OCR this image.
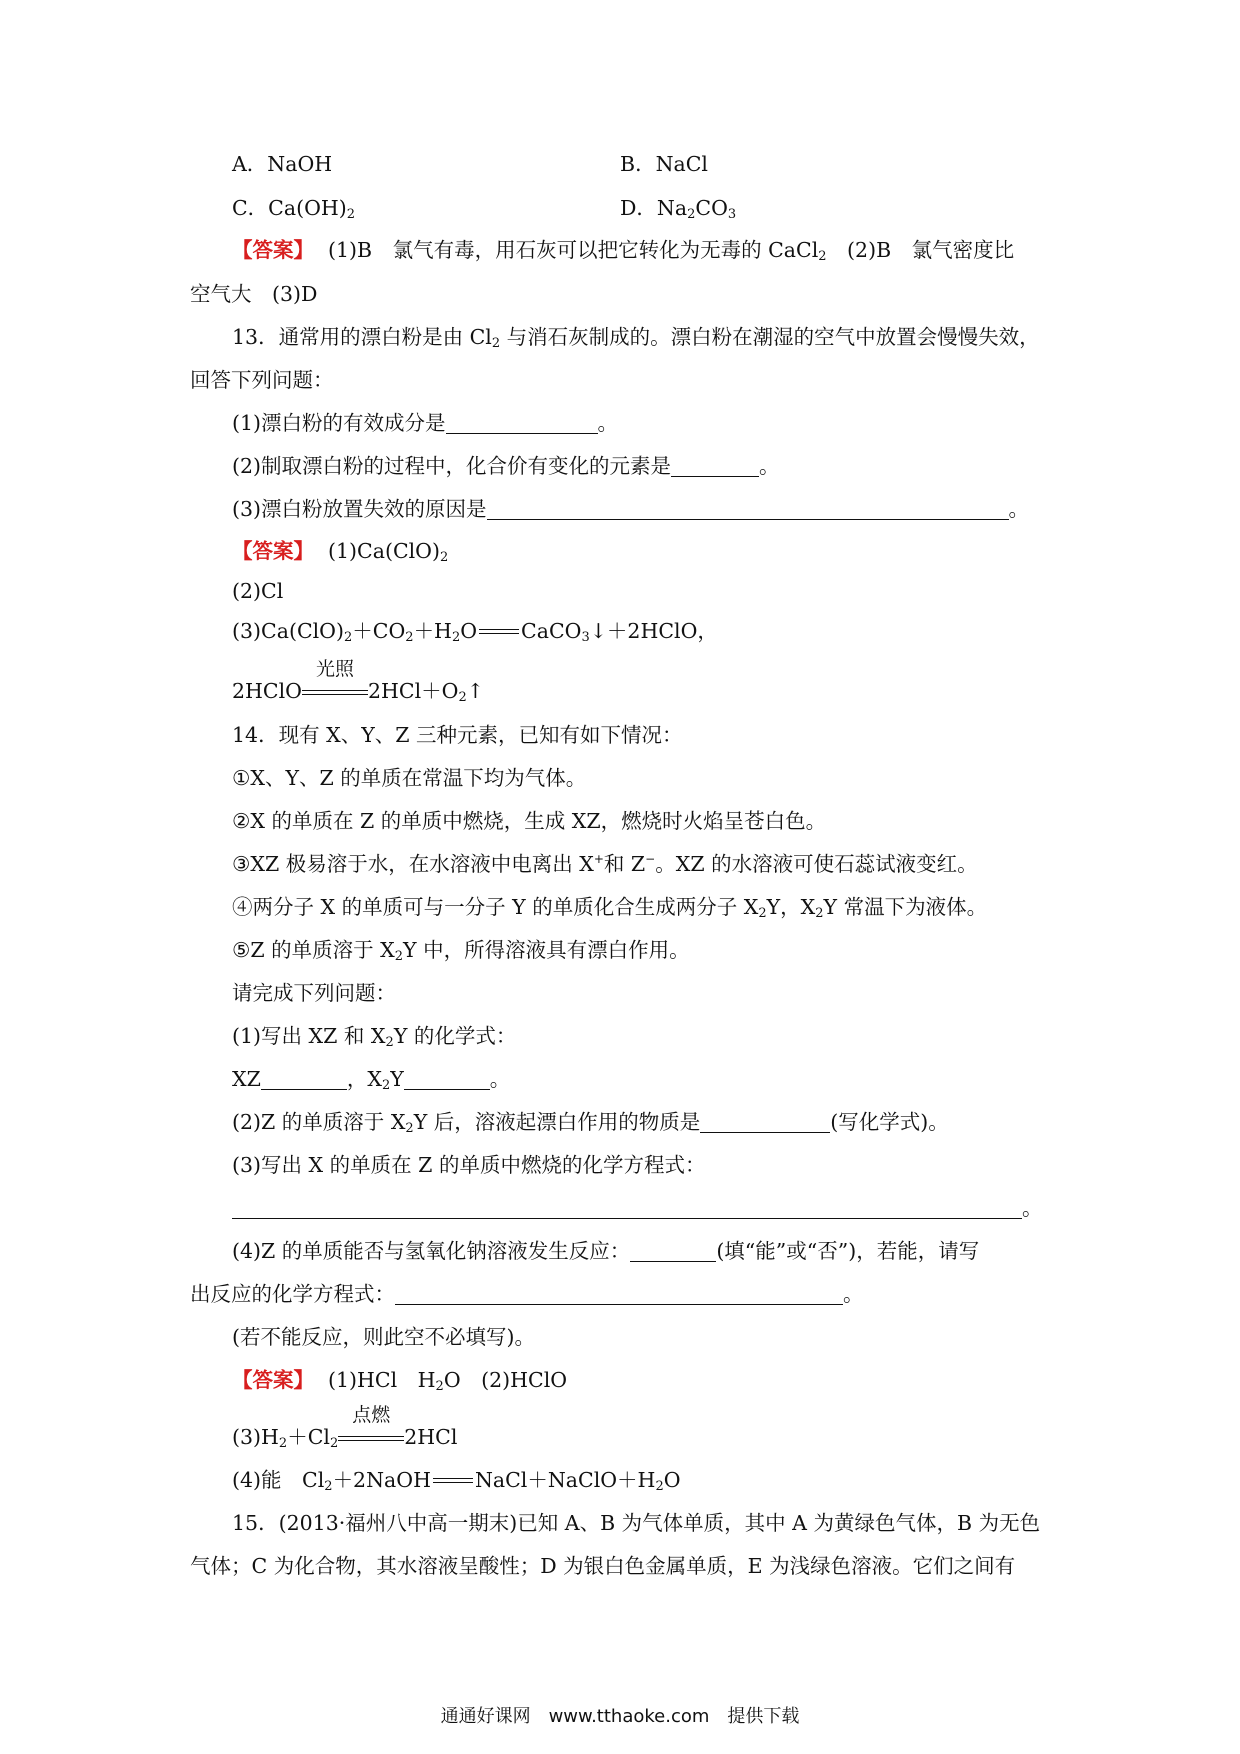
A．NaOH	B．NaCl
C．$Ca(OH)_2$	D．$Na_2CO_3$
【答案】 (1)B　氯气有毒，用石灰可以把它转化为无毒的 CaCl$_2$　(2)B　氯气密度比
空气大　(3)D
13．通常用的漂白粉是由 $Cl_2$ 与消石灰制成的。漂白粉在潮湿的空气中放置会慢慢失效，
回答下列问题：
(1)漂白粉的有效成分是	。
(2)制取漂白粉的过程中，化合价有变化的元素是	。
(3)漂白粉放置失效的原因是	。
【答案】 $(1)Ca(ClO)_2$
(2)Cl
$(3)Ca(ClO)_2+CO_2+H_2O$ CaCO$_3$↓＋2HClO，
2HClO
光照
$2HCl+O_2↑$
14．现有 X、Y、Z 三种元素，已知有如下情况：
①X、Y、Z 的单质在常温下均为气体。
②X 的单质在 Z 的单质中燃烧，生成 XZ，燃烧时火焰呈苍白色。
③XZ 极易溶于水，在水溶液中电离出 X+和 Z−。XZ 的水溶液可使石蕊试液变红。
④两分子 X 的单质可与一分子 Y 的单质化合生成两分子 $X_2Y$，$X_2Y$ 常温下为液体。
⑤Z 的单质溶于 $X_2Y$ 中，所得溶液具有漂白作用。
请完成下列问题：
(1)写出 XZ 和 $X_2Y$ 的化学式：
XZ	，$X_2Y$	。
(2)Z 的单质溶于 $X_2Y$ 后，溶液起漂白作用的物质是	(写化学式)。
(3)写出 X 的单质在 Z 的单质中燃烧的化学方程式：
。
(4)Z 的单质能否与氢氧化钠溶液发生反应：	(填“能”或“否”)，若能，请写
出反应的化学方程式：	。
(若不能反应，则此空不必填写)。
【答案】 (1)HCl　$H_2O$　(2)HClO
$(3)H_2+Cl_2$
点燃
2HCl
(4)能　$Cl_2+2NaOH$ $NaCl+NaClO+H_2O$
15．(2013·福州八中高一期末)已知 A、B 为气体单质，其中 A 为黄绿色气体，B 为无色
气体；C 为化合物，其水溶液呈酸性；D 为银白色金属单质，E 为浅绿色溶液。它们之间有
通通好课网　www.tthaoke.com　提供下载
